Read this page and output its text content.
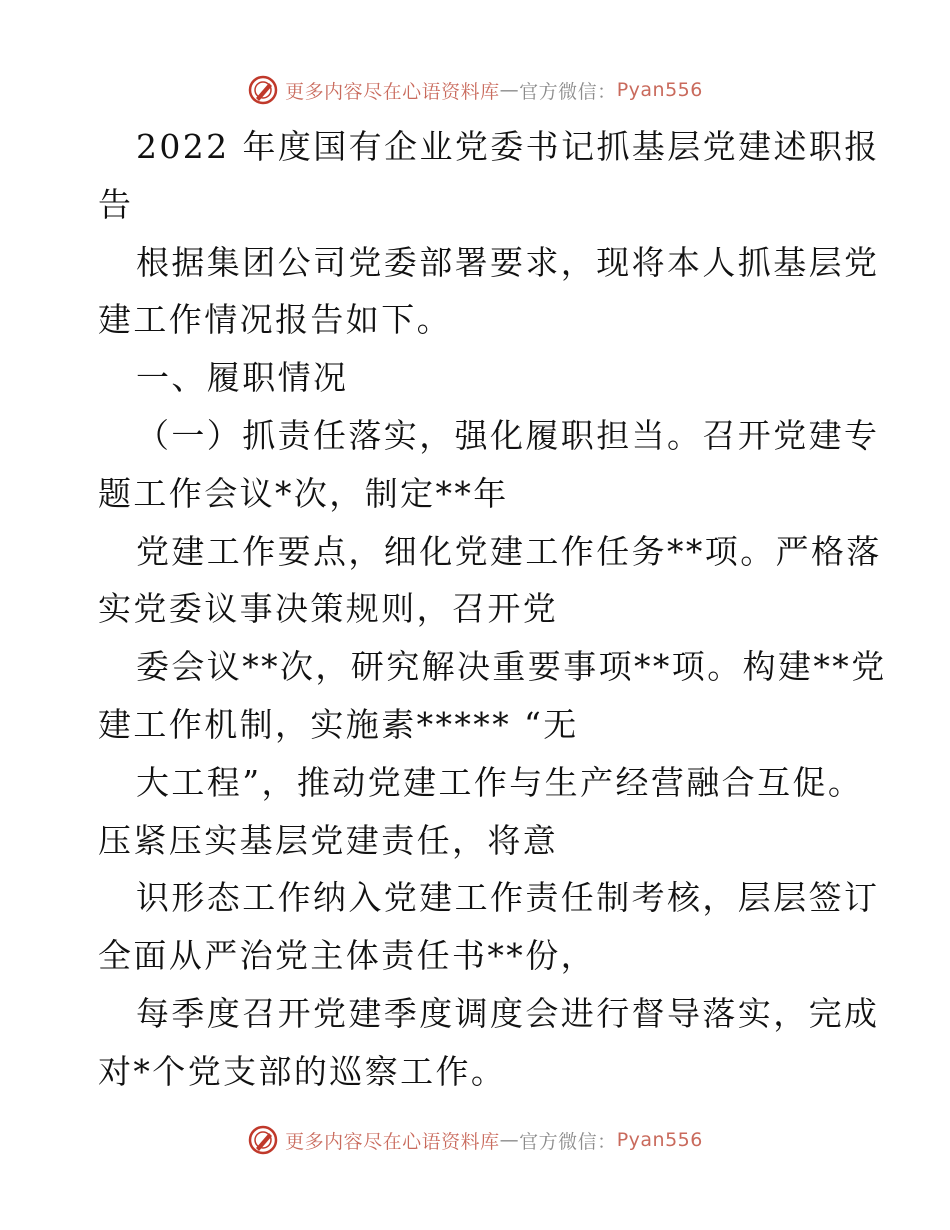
更多内容尽在心语资料库 — 官方微信： Pyan556
2022 年度国有企业党委书记抓基层党建述职报
告
根据集团公司党委部署要求，现将本人抓基层党
建工作情况报告如下。
一、履职情况
（一）抓责任落实，强化履职担当。召开党建专
题工作会议*次，制定**年
党建工作要点，细化党建工作任务**项。严格落
实党委议事决策规则，召开党
委会议**次，研究解决重要事项**项。构建**党
建工作机制，实施素***** “无
大工程”，推动党建工作与生产经营融合互促。
压紧压实基层党建责任，将意
识形态工作纳入党建工作责任制考核，层层签订
全面从严治党主体责任书**份，
每季度召开党建季度调度会进行督导落实，完成
对*个党支部的巡察工作。
更多内容尽在心语资料库 — 官方微信： Pyan556
